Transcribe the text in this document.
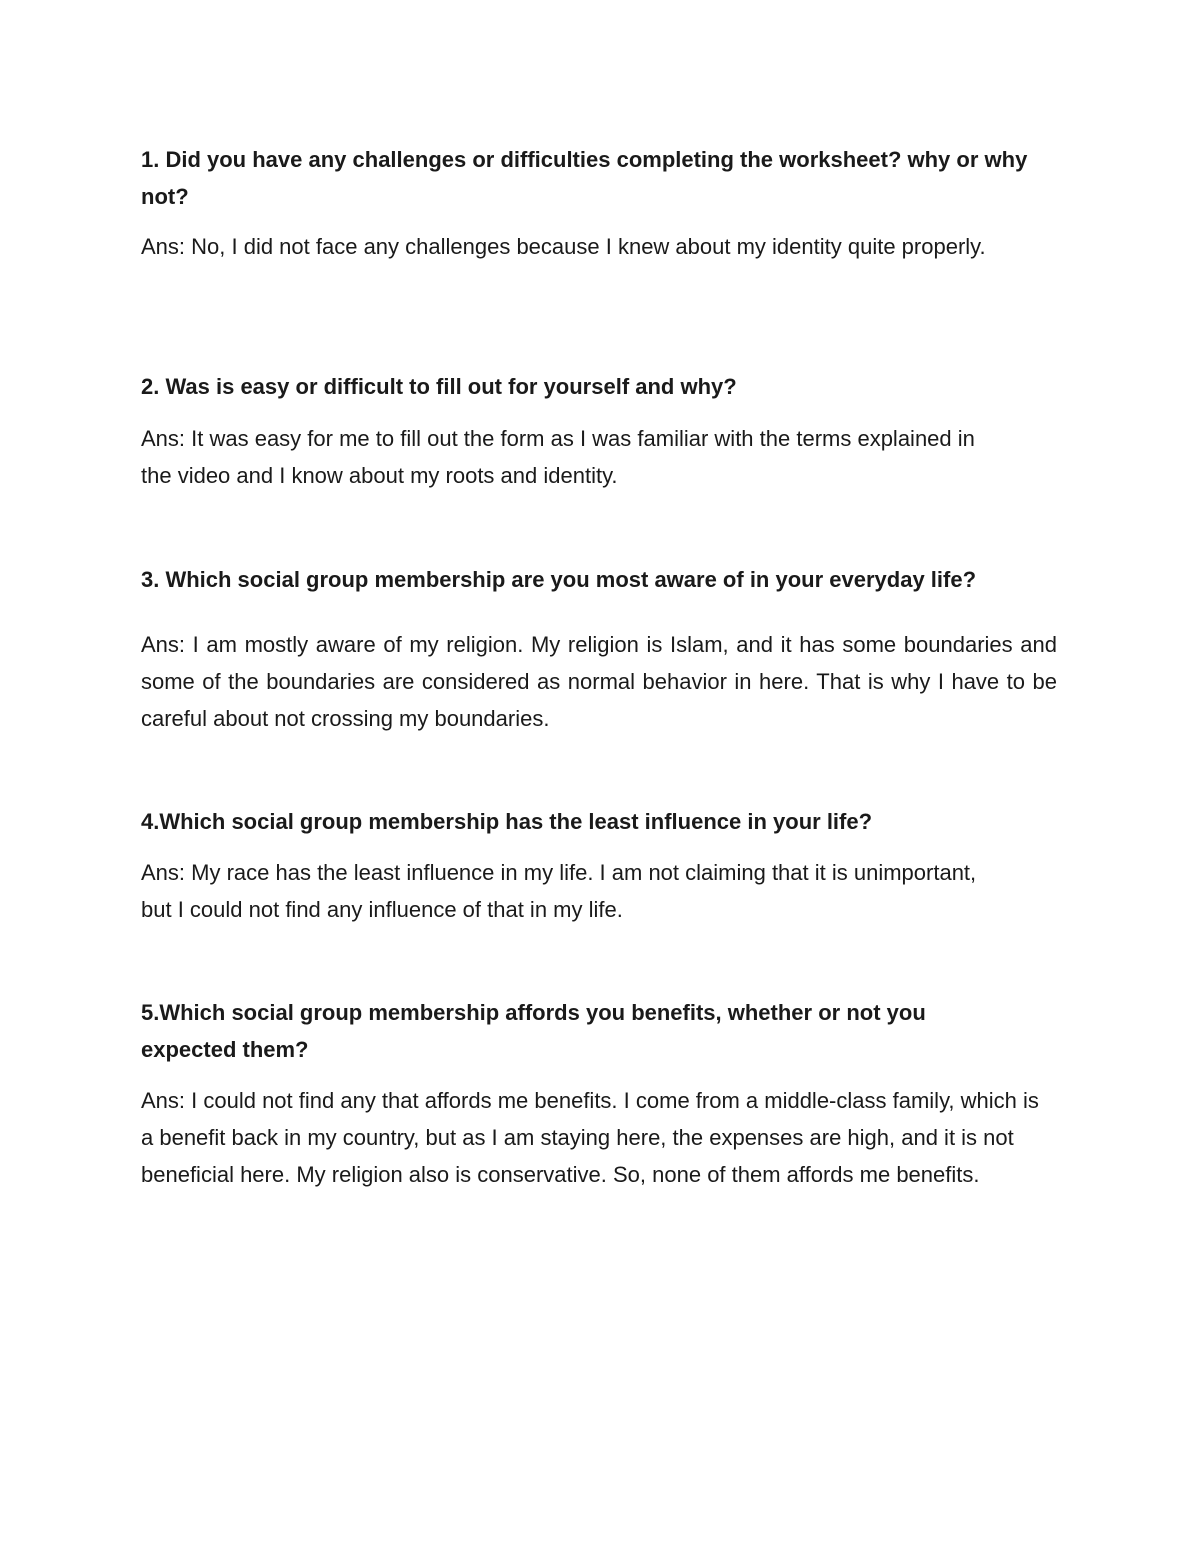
1. Did you have any challenges or difficulties completing the worksheet? why or why not?

Ans: No, I did not face any challenges because I knew about my identity quite properly.

2. Was is easy or difficult to fill out for yourself and why?

Ans: It was easy for me to fill out the form as I was familiar with the terms explained in the video and I know about my roots and identity.

3. Which social group membership are you most aware of in your everyday life?

Ans: I am mostly aware of my religion. My religion is Islam, and it has some boundaries and some of the boundaries are considered as normal behavior in here. That is why I have to be careful about not crossing my boundaries.

4.Which social group membership has the least influence in your life?

Ans: My race has the least influence in my life. I am not claiming that it is unimportant, but I could not find any influence of that in my life.

5.Which social group membership affords you benefits, whether or not you expected them?

Ans: I could not find any that affords me benefits. I come from a middle-class family, which is a benefit back in my country, but as I am staying here, the expenses are high, and it is not beneficial here. My religion also is conservative. So, none of them affords me benefits.
